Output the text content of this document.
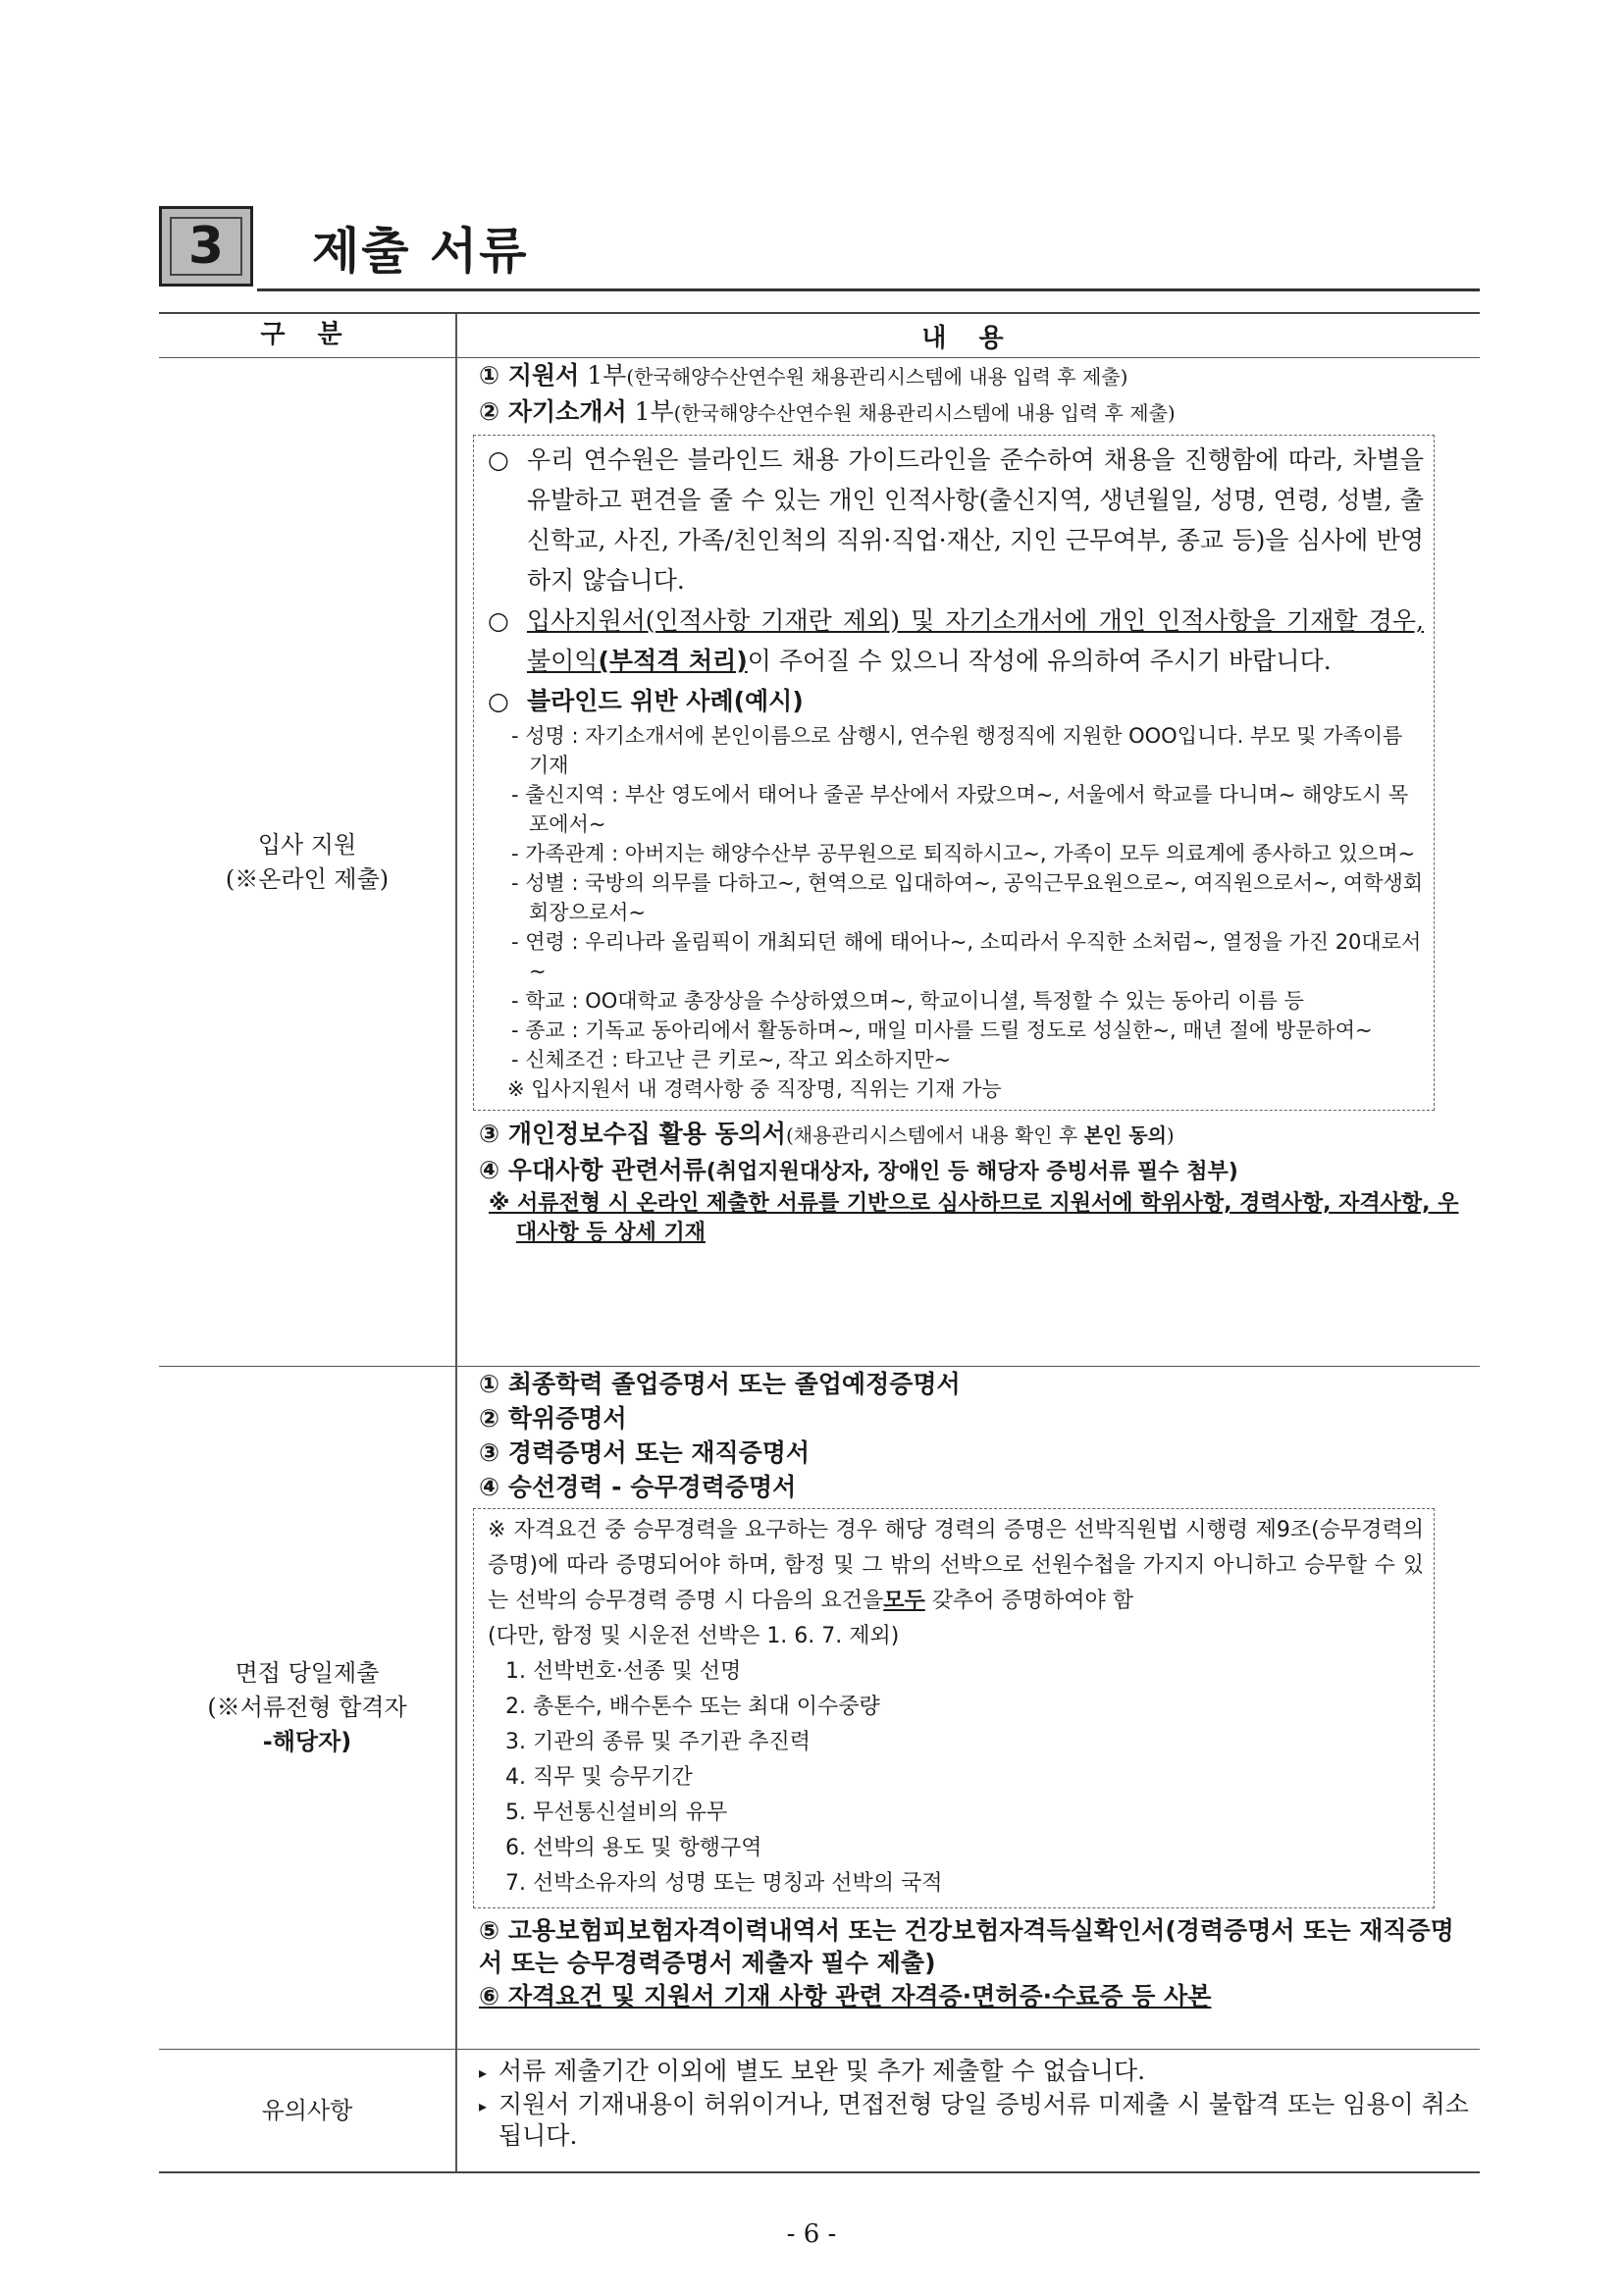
3	제출 서류
구 분	내 용
입사 지원
(※온라인 제출)
① 지원서 1부(한국해양수산연수원 채용관리시스템에 내용 입력 후 제출)
② 자기소개서 1부(한국해양수산연수원 채용관리시스템에 내용 입력 후 제출)
○ 우리 연수원은 블라인드 채용 가이드라인을 준수하여 채용을 진행함에 따라, 차별을 유발하고 편견을 줄 수 있는 개인 인적사항(출신지역, 생년월일, 성명, 연령, 성별, 출신학교, 사진, 가족/친인척의 직위·직업·재산, 지인 근무여부, 종교 등)을 심사에 반영하지 않습니다.
○ 입사지원서(인적사항 기재란 제외) 및 자기소개서에 개인 인적사항을 기재할 경우, 불이익(부적격 처리)이 주어질 수 있으니 작성에 유의하여 주시기 바랍니다.
○ 블라인드 위반 사례(예시)
- 성명 : 자기소개서에 본인이름으로 삼행시, 연수원 행정직에 지원한 OOO입니다. 부모 및 가족이름 기재
- 출신지역 : 부산 영도에서 태어나 줄곧 부산에서 자랐으며~, 서울에서 학교를 다니며~ 해양도시 목포에서~
- 가족관계 : 아버지는 해양수산부 공무원으로 퇴직하시고~, 가족이 모두 의료계에 종사하고 있으며~
- 성별 : 국방의 의무를 다하고~, 현역으로 입대하여~, 공익근무요원으로~, 여직원으로서~, 여학생회 회장으로서~
- 연령 : 우리나라 올림픽이 개최되던 해에 태어나~, 소띠라서 우직한 소처럼~, 열정을 가진 20대로서~
- 학교 : OO대학교 총장상을 수상하였으며~, 학교이니셜, 특정할 수 있는 동아리 이름 등
- 종교 : 기독교 동아리에서 활동하며~, 매일 미사를 드릴 정도로 성실한~, 매년 절에 방문하여~
- 신체조건 : 타고난 큰 키로~, 작고 외소하지만~
※ 입사지원서 내 경력사항 중 직장명, 직위는 기재 가능
③ 개인정보수집 활용 동의서(채용관리시스템에서 내용 확인 후 본인 동의)
④ 우대사항 관련서류(취업지원대상자, 장애인 등 해당자 증빙서류 필수 첨부)
※ 서류전형 시 온라인 제출한 서류를 기반으로 심사하므로 지원서에 학위사항, 경력사항, 자격사항, 우대사항 등 상세 기재
면접 당일제출
(※서류전형 합격자
-해당자)
① 최종학력 졸업증명서 또는 졸업예정증명서
② 학위증명서
③ 경력증명서 또는 재직증명서
④ 승선경력 - 승무경력증명서
※ 자격요건 중 승무경력을 요구하는 경우 해당 경력의 증명은 선박직원법 시행령 제9조(승무경력의 증명)에 따라 증명되어야 하며, 함정 및 그 밖의 선박으로 선원수첩을 가지지 아니하고 승무할 수 있는 선박의 승무경력 증명 시 다음의 요건을모두 갖추어 증명하여야 함
(다만, 함정 및 시운전 선박은 1. 6. 7. 제외)
1. 선박번호·선종 및 선명
2. 총톤수, 배수톤수 또는 최대 이수중량
3. 기관의 종류 및 주기관 추진력
4. 직무 및 승무기간
5. 무선통신설비의 유무
6. 선박의 용도 및 항행구역
7. 선박소유자의 성명 또는 명칭과 선박의 국적
⑤ 고용보험피보험자격이력내역서 또는 건강보험자격득실확인서(경력증명서 또는 재직증명서 또는 승무경력증명서 제출자 필수 제출)
⑥ 자격요건 및 지원서 기재 사항 관련 자격증·면허증·수료증 등 사본
유의사항
▸ 서류 제출기간 이외에 별도 보완 및 추가 제출할 수 없습니다.
▸ 지원서 기재내용이 허위이거나, 면접전형 당일 증빙서류 미제출 시 불합격 또는 임용이 취소됩니다.
- 6 -
